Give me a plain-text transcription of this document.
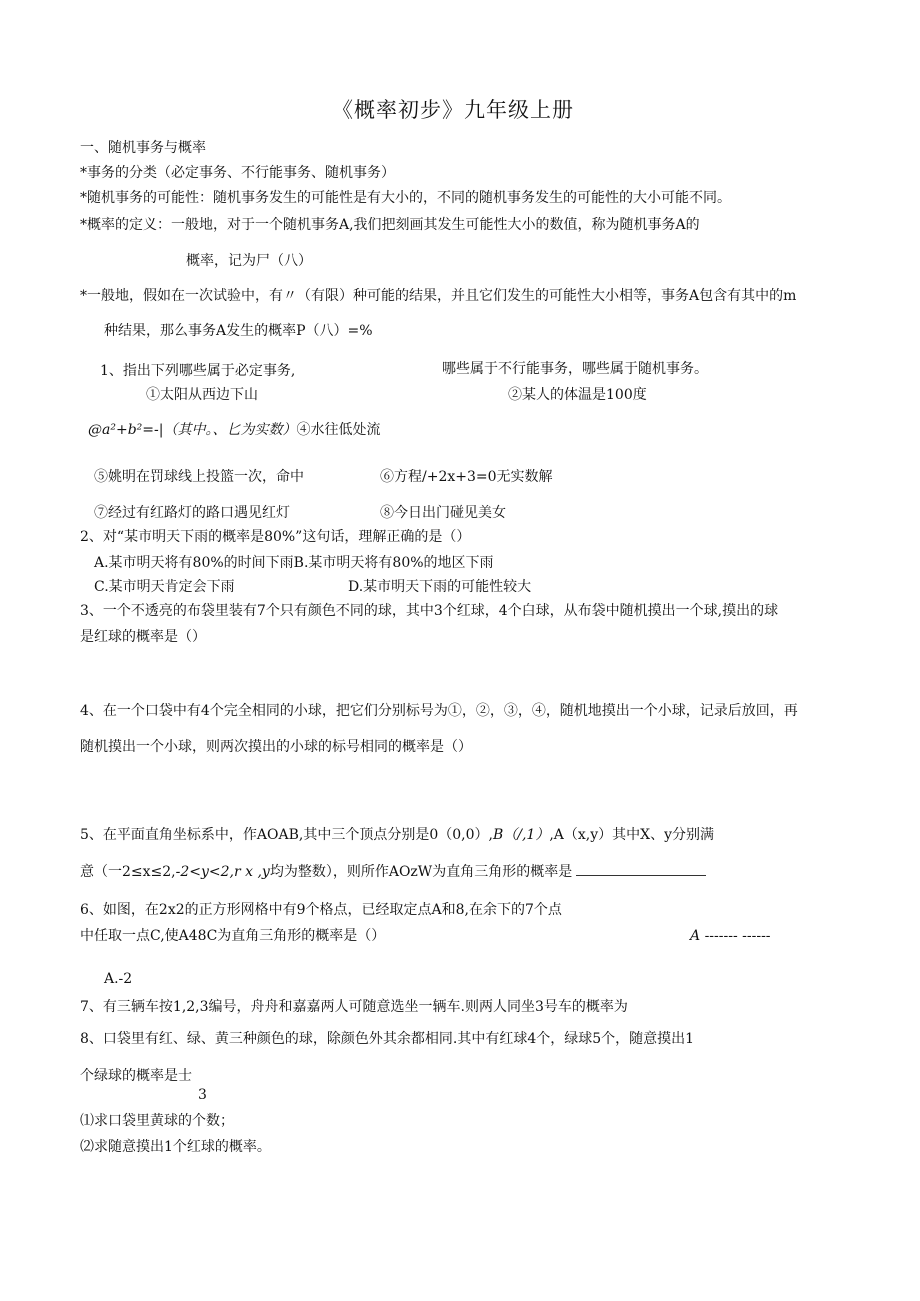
《概率初步》九年级上册
一、随机事务与概率
*事务的分类（必定事务、不行能事务、随机事务）
*随机事务的可能性：随机事务发生的可能性是有大小的，不同的随机事务发生的可能性的大小可能不同。
*概率的定义：一般地，对于一个随机事务A,我们把刻画其发生可能性大小的数值，称为随机事务A的
概率，记为尸（八）
*一般地，假如在一次试验中，有〃（有限）种可能的结果，并且它们发生的可能性大小相等，事务A包含有其中的m
种结果，那么事务A发生的概率P（八）=%
1、指出下列哪些属于必定事务,	哪些属于不行能事务，哪些属于随机事务。
①太阳从西边下山	②某人的体温是100度
@a²+b²=-|（其中。、匕为实数）④水往低处流
⑤姚明在罚球线上投篮一次，命中	⑥方程/+2x+3=0无实数解
⑦经过有红路灯的路口遇见红灯	⑧今日出门碰见美女
2、对“某市明天下雨的概率是80%”这句话，理解正确的是（）
A.某市明天将有80%的时间下雨B.某市明天将有80%的地区下雨
C.某市明天肯定会下雨	D.某市明天下雨的可能性较大
3、一个不透亮的布袋里装有7个只有颜色不同的球，其中3个红球，4个白球，从布袋中随机摸出一个球,摸出的球
是红球的概率是（）
4、在一个口袋中有4个完全相同的小球，把它们分别标号为①，②，③，④，随机地摸出一个小球，记录后放回，再
随机摸出一个小球，则两次摸出的小球的标号相同的概率是（）
5、在平面直角坐标系中，作AOAB,其中三个顶点分别是0（0,0）,B（/,1）,A（x,y）其中X、y分别满
意（一2≤x≤2,-2<y<2,r x ,y均为整数），则所作AOzW为直角三角形的概率是
6、如图，在2x2的正方形网格中有9个格点，已经取定点A和8,在余下的7个点
中任取一点C,使A48C为直角三角形的概率是（）	A ------- ------
A.-2
7、有三辆车按1,2,3编号，舟舟和嘉嘉两人可随意选坐一辆车.则两人同坐3号车的概率为
8、口袋里有红、绿、黄三种颜色的球，除颜色外其余都相同.其中有红球4个，绿球5个，随意摸出1
个绿球的概率是士
3
⑴求口袋里黄球的个数；
⑵求随意摸出1个红球的概率。
